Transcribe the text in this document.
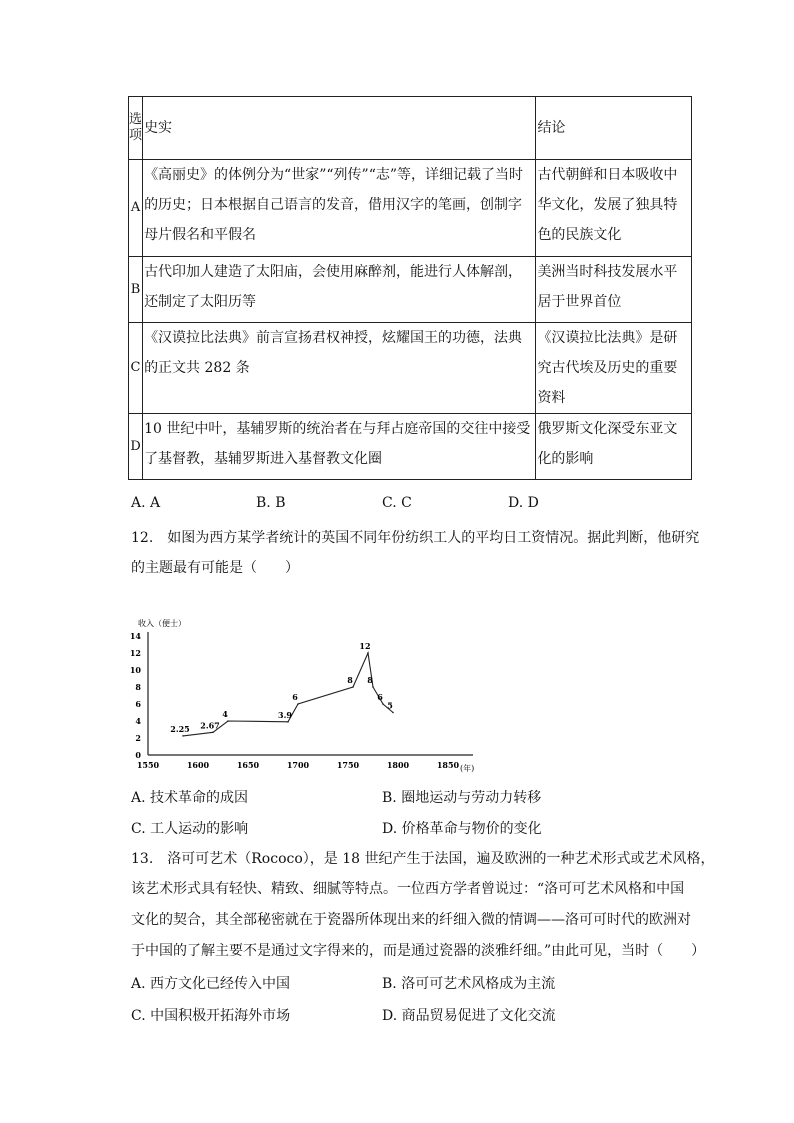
选项	史实	结论
A	《高丽史》的体例分为“世家”“列传”“志”等，详细记载了当时的历史；日本根据自己语言的发音，借用汉字的笔画，创制字母片假名和平假名	古代朝鲜和日本吸收中华文化，发展了独具特色的民族文化
B	古代印加人建造了太阳庙，会使用麻醉剂，能进行人体解剖，还制定了太阳历等	美洲当时科技发展水平居于世界首位
C	《汉谟拉比法典》前言宣扬君权神授，炫耀国王的功德，法典的正文共 282 条	《汉谟拉比法典》是研究古代埃及历史的重要资料
D	10 世纪中叶，基辅罗斯的统治者在与拜占庭帝国的交往中接受了基督教，基辅罗斯进入基督教文化圈	俄罗斯文化深受东亚文化的影响
A. A	B. B	C. C	D. D
12.　如图为西方某学者统计的英国不同年份纺织工人的平均日工资情况。据此判断，他研究
的主题最有可能是（　　）
收入（便士）
(年)
0
2
4
6
8
10
12
14
1550	1600	1650	1700	1750	1800	1850
2.25 2.67
4	3.9
6
8
12
8
6
5
A. 技术革命的成因	B. 圈地运动与劳动力转移
C. 工人运动的影响	D. 价格革命与物价的变化
13.　洛可可艺术（Rococo），是 18 世纪产生于法国，遍及欧洲的一种艺术形式或艺术风格，
该艺术形式具有轻快、精致、细腻等特点。一位西方学者曾说过：“洛可可艺术风格和中国
文化的契合，其全部秘密就在于瓷器所体现出来的纤细入微的情调——洛可可时代的欧洲对
于中国的了解主要不是通过文字得来的，而是通过瓷器的淡雅纤细。”由此可见，当时（　　）
A. 西方文化已经传入中国	B. 洛可可艺术风格成为主流
C. 中国积极开拓海外市场	D. 商品贸易促进了文化交流
